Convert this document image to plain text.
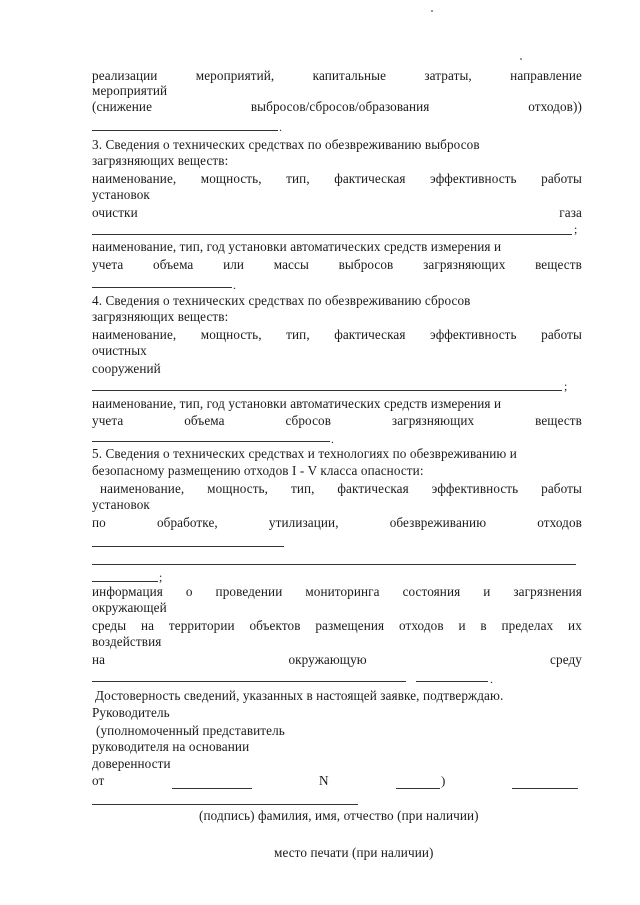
реализации	мероприятий,	капитальные	затраты,	направление
мероприятий
(снижение	выбросов/сбросов/образования	отходов))
.
3. Сведения о технических средствах по обезвреживанию выбросов
загрязняющих веществ:
наименование, мощность, тип, фактическая эффективность работы
установок
очистки	газа
;
наименование, тип, год установки автоматических средств измерения и
учета объема или массы выбросов загрязняющих веществ
.
4. Сведения о технических средствах по обезвреживанию сбросов
загрязняющих веществ:
наименование, мощность, тип, фактическая эффективность работы
очистных
сооружений
;
наименование, тип, год установки автоматических средств измерения и
учета	объема	сбросов	загрязняющих	веществ
.
5. Сведения о технических средствах и технологиях по обезвреживанию и
безопасному размещению отходов I - V класса опасности:
наименование, мощность, тип, фактическая эффективность работы
установок
по	обработке,	утилизации,	обезвреживанию	отходов
;
информация о проведении мониторинга состояния и загрязнения
окружающей
среды на территории объектов размещения отходов и в пределах их
воздействия
на	окружающую	среду
.
Достоверность сведений, указанных в настоящей заявке, подтверждаю.
Руководитель
(уполномоченный представитель
руководителя на основании
доверенности
от	N	)
(подпись) фамилия, имя, отчество (при наличии)
место печати (при наличии)
